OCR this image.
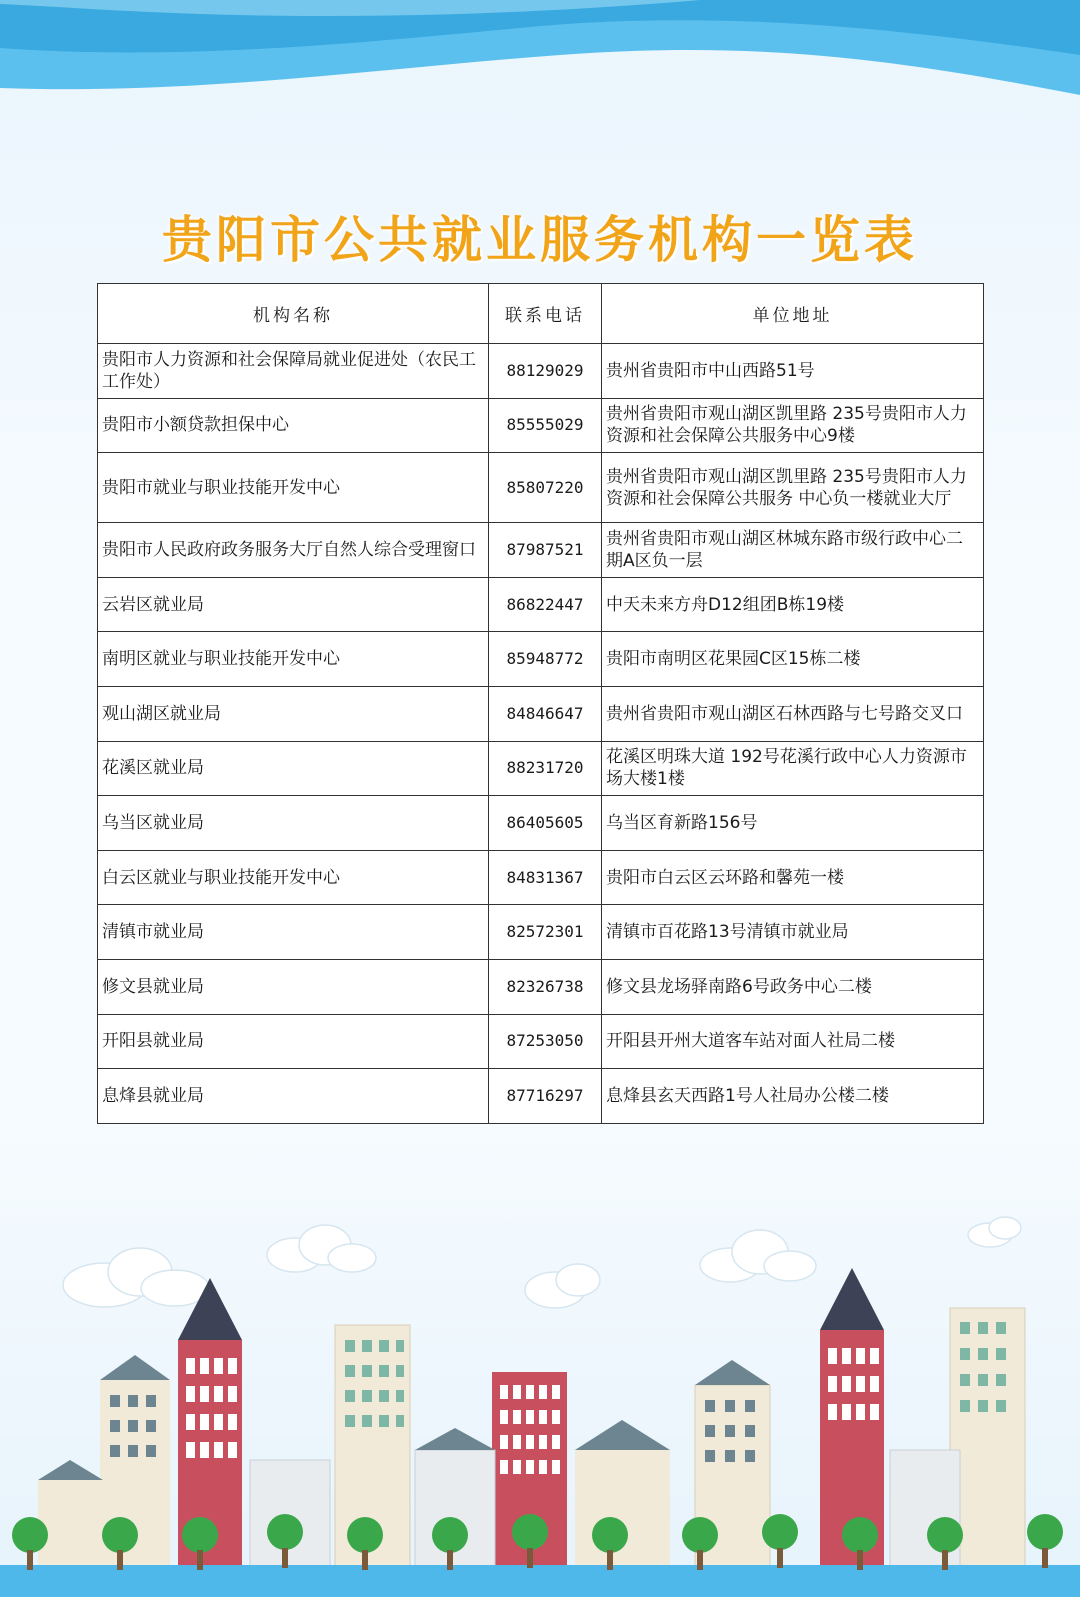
贵阳市公共就业服务机构一览表
机构名称	联系电话	单位地址
贵阳市人力资源和社会保障局就业促进处（农民工工作处）	88129029	贵州省贵阳市中山西路51号
贵阳市小额贷款担保中心	85555029	贵州省贵阳市观山湖区凯里路 235号贵阳市人力资源和社会保障公共服务中心9楼
贵阳市就业与职业技能开发中心	85807220	贵州省贵阳市观山湖区凯里路 235号贵阳市人力资源和社会保障公共服务 中心负一楼就业大厅
贵阳市人民政府政务服务大厅自然人综合受理窗口	87987521	贵州省贵阳市观山湖区林城东路市级行政中心二期A区负一层
云岩区就业局	86822447	中天未来方舟D12组团B栋19楼
南明区就业与职业技能开发中心	85948772	贵阳市南明区花果园C区15栋二楼
观山湖区就业局	84846647	贵州省贵阳市观山湖区石林西路与七号路交叉口
花溪区就业局	88231720	花溪区明珠大道 192号花溪行政中心人力资源市场大楼1楼
乌当区就业局	86405605	乌当区育新路156号
白云区就业与职业技能开发中心	84831367	贵阳市白云区云环路和馨苑一楼
清镇市就业局	82572301	清镇市百花路13号清镇市就业局
修文县就业局	82326738	修文县龙场驿南路6号政务中心二楼
开阳县就业局	87253050	开阳县开州大道客车站对面人社局二楼
息烽县就业局	87716297	息烽县玄天西路1号人社局办公楼二楼
